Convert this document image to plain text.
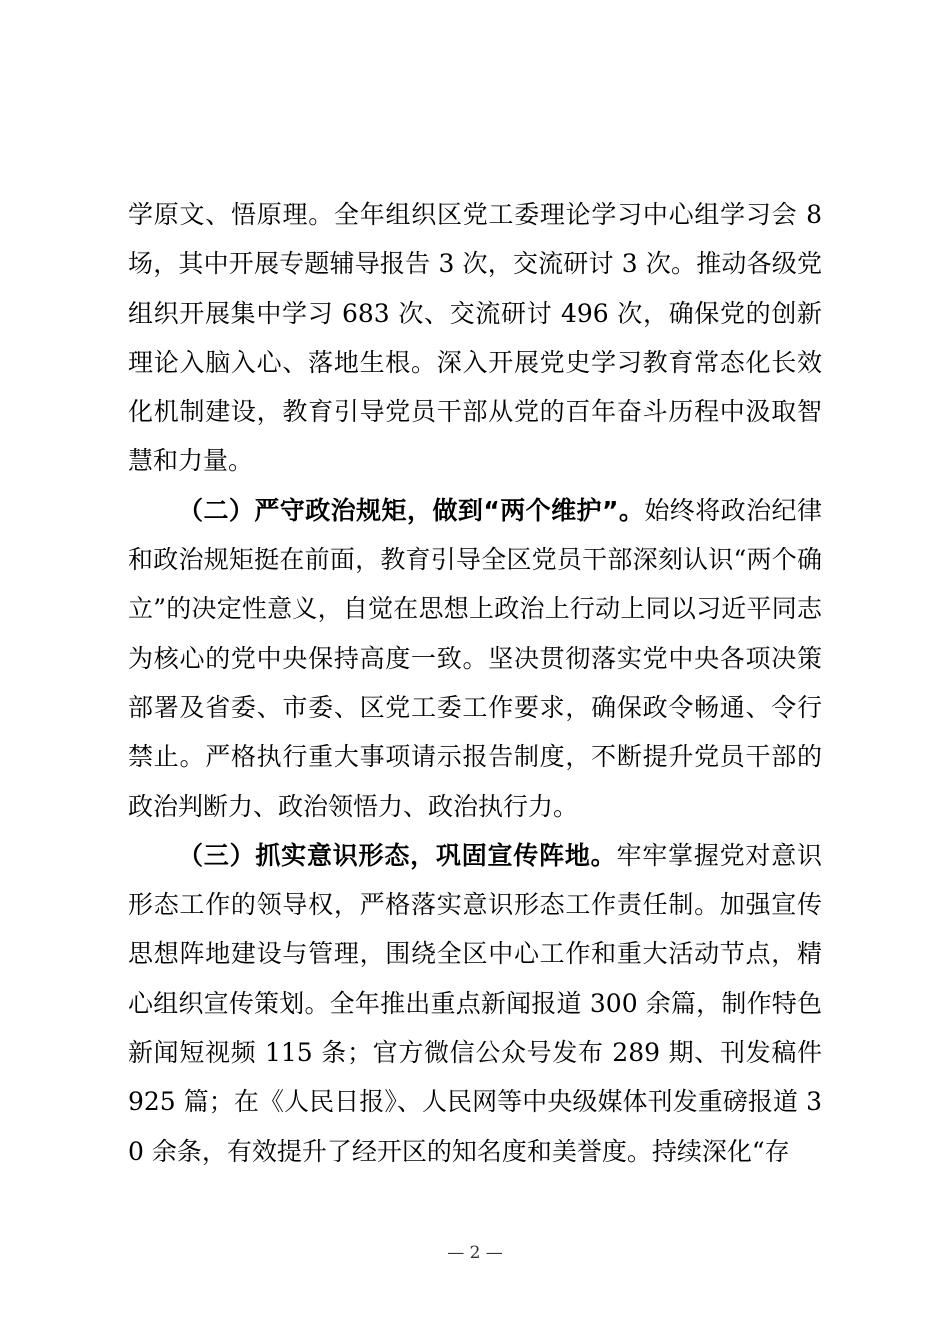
学原文、悟原理。全年组织区党工委理论学习中心组学习会 8 场，其中开展专题辅导报告 3 次，交流研讨 3 次。推动各级党组织开展集中学习 683 次、交流研讨 496 次，确保党的创新理论入脑入心、落地生根。深入开展党史学习教育常态化长效化机制建设，教育引导党员干部从党的百年奋斗历程中汲取智慧和力量。

（二）严守政治规矩，做到“两个维护”。始终将政治纪律和政治规矩挺在前面，教育引导全区党员干部深刻认识“两个确立”的决定性意义，自觉在思想上政治上行动上同以习近平同志为核心的党中央保持高度一致。坚决贯彻落实党中央各项决策部署及省委、市委、区党工委工作要求，确保政令畅通、令行禁止。严格执行重大事项请示报告制度，不断提升党员干部的政治判断力、政治领悟力、政治执行力。

（三）抓实意识形态，巩固宣传阵地。牢牢掌握党对意识形态工作的领导权，严格落实意识形态工作责任制。加强宣传思想阵地建设与管理，围绕全区中心工作和重大活动节点，精心组织宣传策划。全年推出重点新闻报道 300 余篇，制作特色新闻短视频 115 条；官方微信公众号发布 289 期、刊发稿件 925 篇；在《人民日报》、人民网等中央级媒体刊发重磅报道 30 余条，有效提升了经开区的知名度和美誉度。持续深化“存

— 2 —
